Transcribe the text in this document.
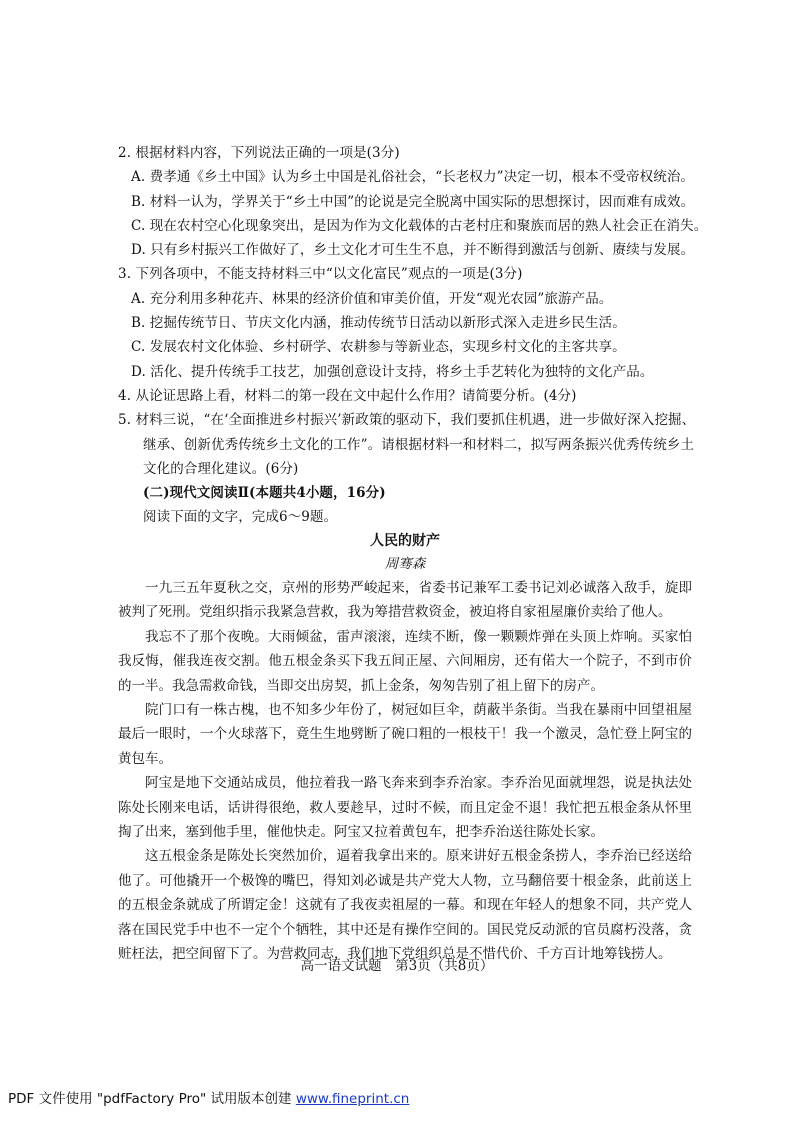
2. 根据材料内容，下列说法正确的一项是(3分)
A. 费孝通《乡土中国》认为乡土中国是礼俗社会，“长老权力”决定一切，根本不受帝权统治。
B. 材料一认为，学界关于“乡土中国”的论说是完全脱离中国实际的思想探讨，因而难有成效。
C. 现在农村空心化现象突出，是因为作为文化载体的古老村庄和聚族而居的熟人社会正在消失。
D. 只有乡村振兴工作做好了，乡土文化才可生生不息，并不断得到激活与创新、赓续与发展。
3. 下列各项中，不能支持材料三中“以文化富民”观点的一项是(3分)
A. 充分利用多种花卉、林果的经济价值和审美价值，开发“观光农园”旅游产品。
B. 挖掘传统节日、节庆文化内涵，推动传统节日活动以新形式深入走进乡民生活。
C. 发展农村文化体验、乡村研学、农耕参与等新业态，实现乡村文化的主客共享。
D. 活化、提升传统手工技艺，加强创意设计支持，将乡土手艺转化为独特的文化产品。
4. 从论证思路上看，材料二的第一段在文中起什么作用？请简要分析。(4分)
5. 材料三说，“在‘全面推进乡村振兴’新政策的驱动下，我们要抓住机遇，进一步做好深入挖掘、
继承、创新优秀传统乡土文化的工作”。请根据材料一和材料二，拟写两条振兴优秀传统乡土
文化的合理化建议。(6分)
(二)现代文阅读Ⅱ(本题共4小题，16分)
阅读下面的文字，完成6～9题。
人民的财产
周骞森

一九三五年夏秋之交，京州的形势严峻起来，省委书记兼军工委书记刘必诚落入敌手，旋即被判了死刑。党组织指示我紧急营救，我为筹措营救资金，被迫将自家祖屋廉价卖给了他人。

我忘不了那个夜晚。大雨倾盆，雷声滚滚，连续不断，像一颗颗炸弹在头顶上炸响。买家怕我反悔，催我连夜交割。他五根金条买下我五间正屋、六间厢房，还有偌大一个院子，不到市价的一半。我急需救命钱，当即交出房契，抓上金条，匆匆告别了祖上留下的房产。

院门口有一株古槐，也不知多少年份了，树冠如巨伞，荫蔽半条街。当我在暴雨中回望祖屋最后一眼时，一个火球落下，竟生生地劈断了碗口粗的一根枝干！我一个激灵，急忙登上阿宝的黄包车。

阿宝是地下交通站成员，他拉着我一路飞奔来到李乔治家。李乔治见面就埋怨，说是执法处陈处长刚来电话，话讲得很绝，救人要趁早，过时不候，而且定金不退！我忙把五根金条从怀里掏了出来，塞到他手里，催他快走。阿宝又拉着黄包车，把李乔治送往陈处长家。

这五根金条是陈处长突然加价，逼着我拿出来的。原来讲好五根金条捞人，李乔治已经送给他了。可他撬开一个极馋的嘴巴，得知刘必诚是共产党大人物，立马翻倍要十根金条，此前送上的五根金条就成了所谓定金！这就有了我夜卖祖屋的一幕。和现在年轻人的想象不同，共产党人落在国民党手中也不一定个个牺牲，其中还是有操作空间的。国民党反动派的官员腐朽没落，贪赃枉法，把空间留下了。为营救同志，我们地下党组织总是不惜代价、千方百计地筹钱捞人。

高一语文试题　第3页（共8页）
PDF 文件使用 "pdfFactory Pro" 试用版本创建 www.fineprint.cn
